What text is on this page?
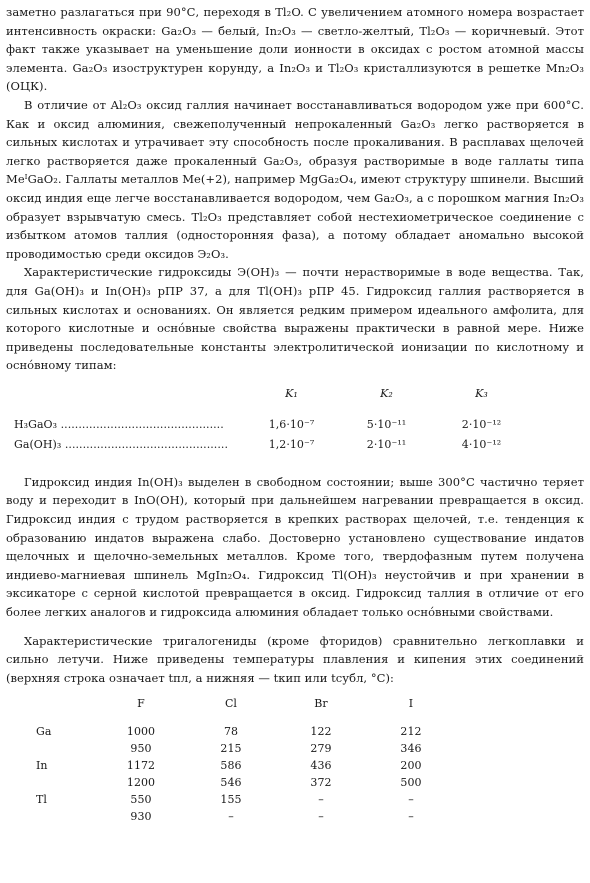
заметно разлагаться при 90°С, переходя в Tl₂O. С увеличением атомного номера возрастает интенсивность окраски: Ga₂O₃ — белый, In₂O₃ — светло-желтый, Tl₂O₃ — коричневый. Этот факт также указывает на уменьшение доли ионности в оксидах с ростом атомной массы элемента. Ga₂O₃ изоструктурен корунду, а In₂O₃ и Tl₂O₃ кристаллизуются в решетке Mn₂O₃ (ОЦК).

В отличие от Al₂O₃ оксид галлия начинает восстанавливаться водородом уже при 600°С. Как и оксид алюминия, свежеполученный непрокаленный Ga₂O₃ легко растворяется в сильных кислотах и утрачивает эту способность после прокаливания. В расплавах щелочей легко растворяется даже прокаленный Ga₂O₃, образуя растворимые в воде галлаты типа MeᴵGaO₂. Галлаты металлов Me(+2), например MgGa₂O₄, имеют структуру шпинели. Высший оксид индия еще легче восстанавливается водородом, чем Ga₂O₃, а с порошком магния In₂O₃ образует взрывчатую смесь. Tl₂O₃ представляет собой нестехиометрическое соединение с избытком атомов таллия (односторонняя фаза), а потому обладает аномально высокой проводимостью среди оксидов Э₂O₃.

Характеристические гидроксиды Э(OH)₃ — почти нерастворимые в воде вещества. Так, для Ga(OH)₃ и In(OH)₃ рПР 37, а для Tl(OH)₃ рПР 45. Гидроксид галлия растворяется в сильных кислотах и основаниях. Он является редким примером идеального амфолита, для которого кислотные и оснóвные свойства выражены практически в равной мере. Ниже приведены последовательные константы электролитической ионизации по кислотному и оснóвному типам:

	K₁	K₂	K₃
H₃GaO₃ ..............................................	1,6·10⁻⁷	5·10⁻¹¹	2·10⁻¹²
Ga(OH)₃ ..............................................	1,2·10⁻⁷	2·10⁻¹¹	4·10⁻¹²

Гидроксид индия In(OH)₃ выделен в свободном состоянии; выше 300°С частично теряет воду и переходит в InO(OH), который при дальнейшем нагревании превращается в оксид. Гидроксид индия с трудом растворяется в крепких растворах щелочей, т.е. тенденция к образованию индатов выражена слабо. Достоверно установлено существование индатов щелочных и щелочно-земельных металлов. Кроме того, твердофазным путем получена индиево-магниевая шпинель MgIn₂O₄. Гидроксид Tl(OH)₃ неустойчив и при хранении в эксикаторе с серной кислотой превращается в оксид. Гидроксид таллия в отличие от его более легких аналогов и гидроксида алюминия обладает только оснóвными свойствами.

Характеристические тригалогениды (кроме фторидов) сравнительно легкоплавки и сильно летучи. Ниже приведены температуры плавления и кипения этих соединений (верхняя строка означает tпл, а нижняя — tкип или tсубл, °С):

	F	Cl	Br	I
Ga	1000	78	122	212
	950	215	279	346
In	1172	586	436	200
	1200	546	372	500
Tl	550	155	–	–
	930	–	–	–
